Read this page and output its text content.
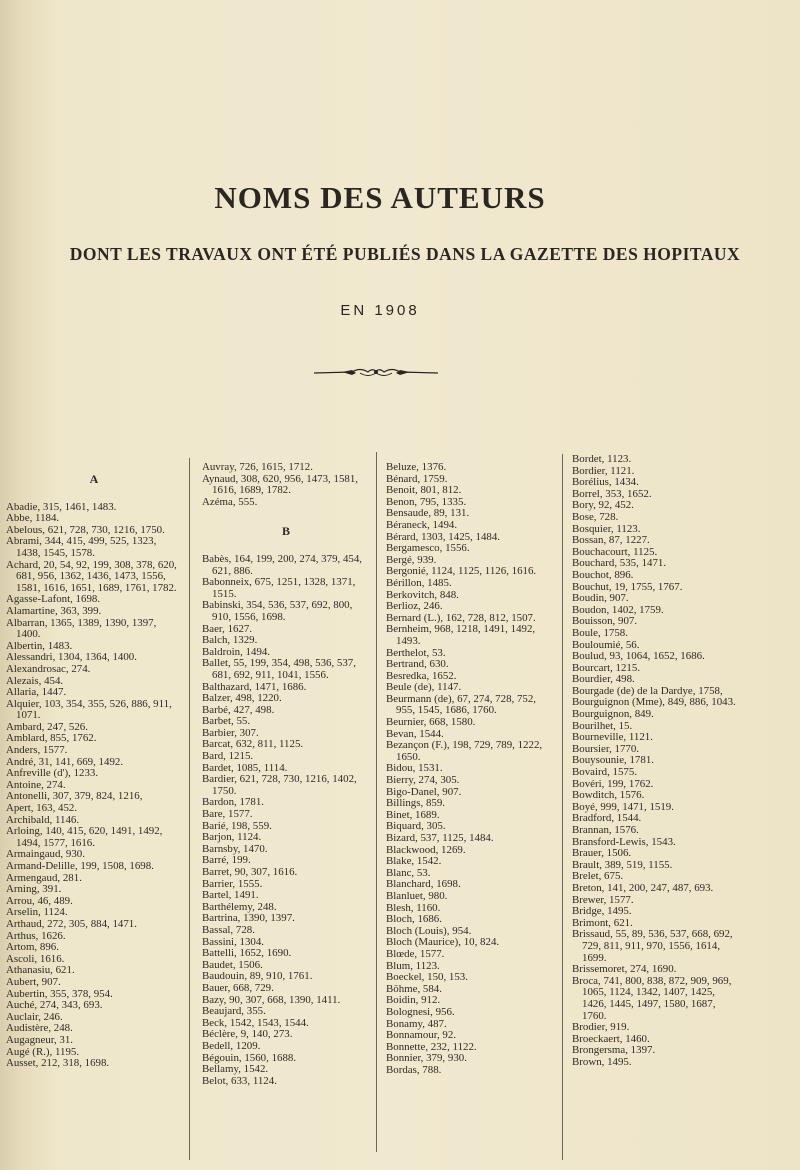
NOMS DES AUTEURS
DONT LES TRAVAUX ONT ÉTÉ PUBLIÉS DANS LA GAZETTE DES HOPITAUX
EN 1908
A
Abadie, 315, 1461, 1483.
Abbe, 1184.
Abelous, 621, 728, 730, 1216, 1750.
Abrami, 344, 415, 499, 525, 1323, 1438, 1545, 1578.
Achard, 20, 54, 92, 199, 308, 378, 620, 681, 956, 1362, 1436, 1473, 1556, 1581, 1616, 1651, 1689, 1761, 1782.
Agasse-Lafont, 1698.
Alamartine, 363, 399.
Albarran, 1365, 1389, 1390, 1397, 1400.
Albertin, 1483.
Alessandri, 1304, 1364, 1400.
Alexandrosac, 274.
Alezais, 454.
Allaria, 1447.
Alquier, 103, 354, 355, 526, 886, 911, 1071.
Ambard, 247, 526.
Amblard, 855, 1762.
Anders, 1577.
André, 31, 141, 669, 1492.
Anfreville (d'), 1233.
Antoine, 274.
Antonelli, 307, 379, 824, 1216,
Apert, 163, 452.
Archibald, 1146.
Arloing, 140, 415, 620, 1491, 1492, 1494, 1577, 1616.
Armaingaud, 930.
Armand-Delille, 199, 1508, 1698.
Armengaud, 281.
Arning, 391.
Arrou, 46, 489.
Arselin, 1124.
Arthaud, 272, 305, 884, 1471.
Arthus, 1626.
Artom, 896.
Ascoli, 1616.
Athanasiu, 621.
Aubert, 907.
Aubertin, 355, 378, 954.
Auché, 274, 343, 693.
Auclair, 246.
Audistère, 248.
Augagneur, 31.
Augé (R.), 1195.
Ausset, 212, 318, 1698.
Auvray, 726, 1615, 1712.
Aynaud, 308, 620, 956, 1473, 1581, 1616, 1689, 1782.
Azéma, 555.
B
Babès, 164, 199, 200, 274, 379, 454, 621, 886.
Babonneix, 675, 1251, 1328, 1371, 1515.
Babinski, 354, 536, 537, 692, 800, 910, 1556, 1698.
Baer, 1627.
Balch, 1329.
Baldroin, 1494.
Ballet, 55, 199, 354, 498, 536, 537, 681, 692, 911, 1041, 1556.
Balthazard, 1471, 1686.
Balzer, 498, 1220.
Barbé, 427, 498.
Barbet, 55.
Barbier, 307.
Barcat, 632, 811, 1125.
Bard, 1215.
Bardet, 1085, 1114.
Bardier, 621, 728, 730, 1216, 1402, 1750.
Bardon, 1781.
Bare, 1577.
Barié, 198, 559.
Barjon, 1124.
Barnsby, 1470.
Barré, 199.
Barret, 90, 307, 1616.
Barrier, 1555.
Bartel, 1491.
Barthélemy, 248.
Bartrina, 1390, 1397.
Bassal, 728.
Bassini, 1304.
Battelli, 1652, 1690.
Baudet, 1506.
Baudouin, 89, 910, 1761.
Bauer, 668, 729.
Bazy, 90, 307, 668, 1390, 1411.
Beaujard, 355.
Beck, 1542, 1543, 1544.
Béclère, 9, 140, 273.
Bedell, 1209.
Bégouin, 1560, 1688.
Bellamy, 1542.
Belot, 633, 1124.
Beluze, 1376.
Bénard, 1759.
Benoit, 801, 812.
Benon, 795, 1335.
Bensaude, 89, 131.
Béraneck, 1494.
Bérard, 1303, 1425, 1484.
Bergamesco, 1556.
Bergé, 939.
Bergonié, 1124, 1125, 1126, 1616.
Bérillon, 1485.
Berkovitch, 848.
Berlioz, 246.
Bernard (L.), 162, 728, 812, 1507.
Bernheim, 968, 1218, 1491, 1492, 1493.
Berthelot, 53.
Bertrand, 630.
Besredka, 1652.
Beule (de), 1147.
Beurmann (de), 67, 274, 728, 752, 955, 1545, 1686, 1760.
Beurnier, 668, 1580.
Bevan, 1544.
Bezançon (F.), 198, 729, 789, 1222, 1650.
Bidou, 1531.
Bierry, 274, 305.
Bigo-Danel, 907.
Billings, 859.
Binet, 1689.
Biquard, 305.
Bizard, 537, 1125, 1484.
Blackwood, 1269.
Blake, 1542.
Blanc, 53.
Blanchard, 1698.
Blanluet, 980.
Blesh, 1160.
Bloch, 1686.
Bloch (Louis), 954.
Bloch (Maurice), 10, 824.
Blœde, 1577.
Blum, 1123.
Boeckel, 150, 153.
Böhme, 584.
Boidin, 912.
Bolognesi, 956.
Bonamy, 487.
Bonnamour, 92.
Bonnette, 232, 1122.
Bonnier, 379, 930.
Bordas, 788.
Bordet, 1123.
Bordier, 1121.
Borélius, 1434.
Borrel, 353, 1652.
Bory, 92, 452.
Bose, 728.
Bosquier, 1123.
Bossan, 87, 1227.
Bouchacourt, 1125.
Bouchard, 535, 1471.
Bouchot, 896.
Bouchut, 19, 1755, 1767.
Boudin, 907.
Boudon, 1402, 1759.
Bouisson, 907.
Boule, 1758.
Bouloumié, 56.
Boulud, 93, 1064, 1652, 1686.
Bourcart, 1215.
Bourdier, 498.
Bourgade (de) de la Dardye, 1758,
Bourguignon (Mme), 849, 886, 1043.
Bourguignon, 849.
Bourilhet, 15.
Bourneville, 1121.
Boursier, 1770.
Bouysounie, 1781.
Bovaird, 1575.
Bovéri, 199, 1762.
Bowditch, 1576.
Boyé, 999, 1471, 1519.
Bradford, 1544.
Brannan, 1576.
Bransford-Lewis, 1543.
Brauer, 1506.
Brault, 389, 519, 1155.
Brelet, 675.
Breton, 141, 200, 247, 487, 693.
Brewer, 1577.
Bridge, 1495.
Brimont, 621.
Brissaud, 55, 89, 536, 537, 668, 692, 729, 811, 911, 970, 1556, 1614, 1699.
Brissemoret, 274, 1690.
Broca, 741, 800, 838, 872, 909, 969, 1065, 1124, 1342, 1407, 1425, 1426, 1445, 1497, 1580, 1687, 1760.
Brodier, 919.
Broeckaert, 1460.
Brongersma, 1397.
Brown, 1495.
